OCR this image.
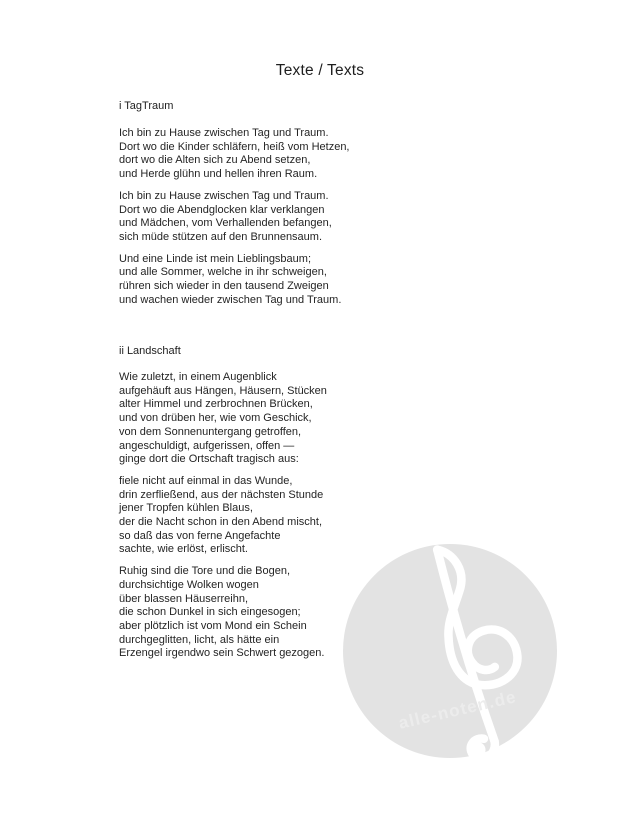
alle-noten.de
Texte / Texts
i TagTraum
Ich bin zu Hause zwischen Tag und Traum.
Dort wo die Kinder schläfern, heiß vom Hetzen,
dort wo die Alten sich zu Abend setzen,
und Herde glühn und hellen ihren Raum.
Ich bin zu Hause zwischen Tag und Traum.
Dort wo die Abendglocken klar verklangen
und Mädchen, vom Verhallenden befangen,
sich müde stützen auf den Brunnensaum.
Und eine Linde ist mein Lieblingsbaum;
und alle Sommer, welche in ihr schweigen,
rühren sich wieder in den tausend Zweigen
und wachen wieder zwischen Tag und Traum.
ii Landschaft
Wie zuletzt, in einem Augenblick
aufgehäuft aus Hängen, Häusern, Stücken
alter Himmel und zerbrochnen Brücken,
und von drüben her, wie vom Geschick,
von dem Sonnenuntergang getroffen,
angeschuldigt, aufgerissen, offen —
ginge dort die Ortschaft tragisch aus:
fiele nicht auf einmal in das Wunde,
drin zerfließend, aus der nächsten Stunde
jener Tropfen kühlen Blaus,
der die Nacht schon in den Abend mischt,
so daß das von ferne Angefachte
sachte, wie erlöst, erlischt.
Ruhig sind die Tore und die Bogen,
durchsichtige Wolken wogen
über blassen Häuserreihn,
die schon Dunkel in sich eingesogen;
aber plötzlich ist vom Mond ein Schein
durchgeglitten, licht, als hätte ein
Erzengel irgendwo sein Schwert gezogen.
